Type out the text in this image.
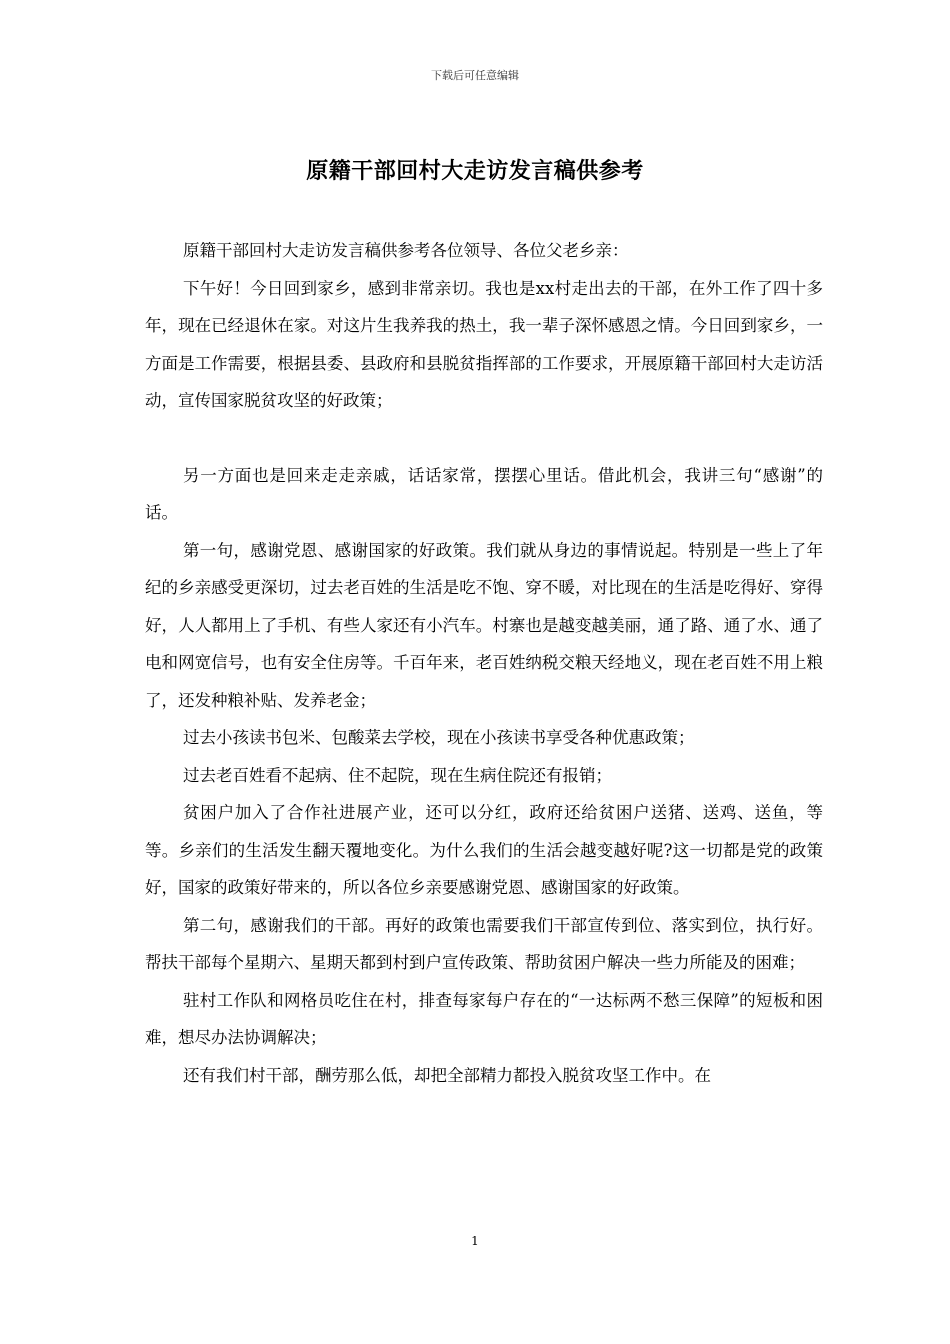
下载后可任意编辑
原籍干部回村大走访发言稿供参考

原籍干部回村大走访发言稿供参考各位领导、各位父老乡亲：

下午好！今日回到家乡，感到非常亲切。我也是xx村走出去的干部，在外工作了四十多年，现在已经退休在家。对这片生我养我的热土，我一辈子深怀感恩之情。今日回到家乡，一方面是工作需要，根据县委、县政府和县脱贫指挥部的工作要求，开展原籍干部回村大走访活动，宣传国家脱贫攻坚的好政策；

另一方面也是回来走走亲戚，话话家常，摆摆心里话。借此机会，我讲三句“感谢”的话。

第一句，感谢党恩、感谢国家的好政策。我们就从身边的事情说起。特别是一些上了年纪的乡亲感受更深切，过去老百姓的生活是吃不饱、穿不暖，对比现在的生活是吃得好、穿得好，人人都用上了手机、有些人家还有小汽车。村寨也是越变越美丽，通了路、通了水、通了电和网宽信号，也有安全住房等。千百年来，老百姓纳税交粮天经地义，现在老百姓不用上粮了，还发种粮补贴、发养老金；

过去小孩读书包米、包酸菜去学校，现在小孩读书享受各种优惠政策；

过去老百姓看不起病、住不起院，现在生病住院还有报销；

贫困户加入了合作社进展产业，还可以分红，政府还给贫困户送猪、送鸡、送鱼，等等。乡亲们的生活发生翻天覆地变化。为什么我们的生活会越变越好呢?这一切都是党的政策好，国家的政策好带来的，所以各位乡亲要感谢党恩、感谢国家的好政策。

第二句，感谢我们的干部。再好的政策也需要我们干部宣传到位、落实到位，执行好。帮扶干部每个星期六、星期天都到村到户宣传政策、帮助贫困户解决一些力所能及的困难；

驻村工作队和网格员吃住在村，排查每家每户存在的“一达标两不愁三保障”的短板和困难，想尽办法协调解决；

还有我们村干部，酬劳那么低，却把全部精力都投入脱贫攻坚工作中。在

1
